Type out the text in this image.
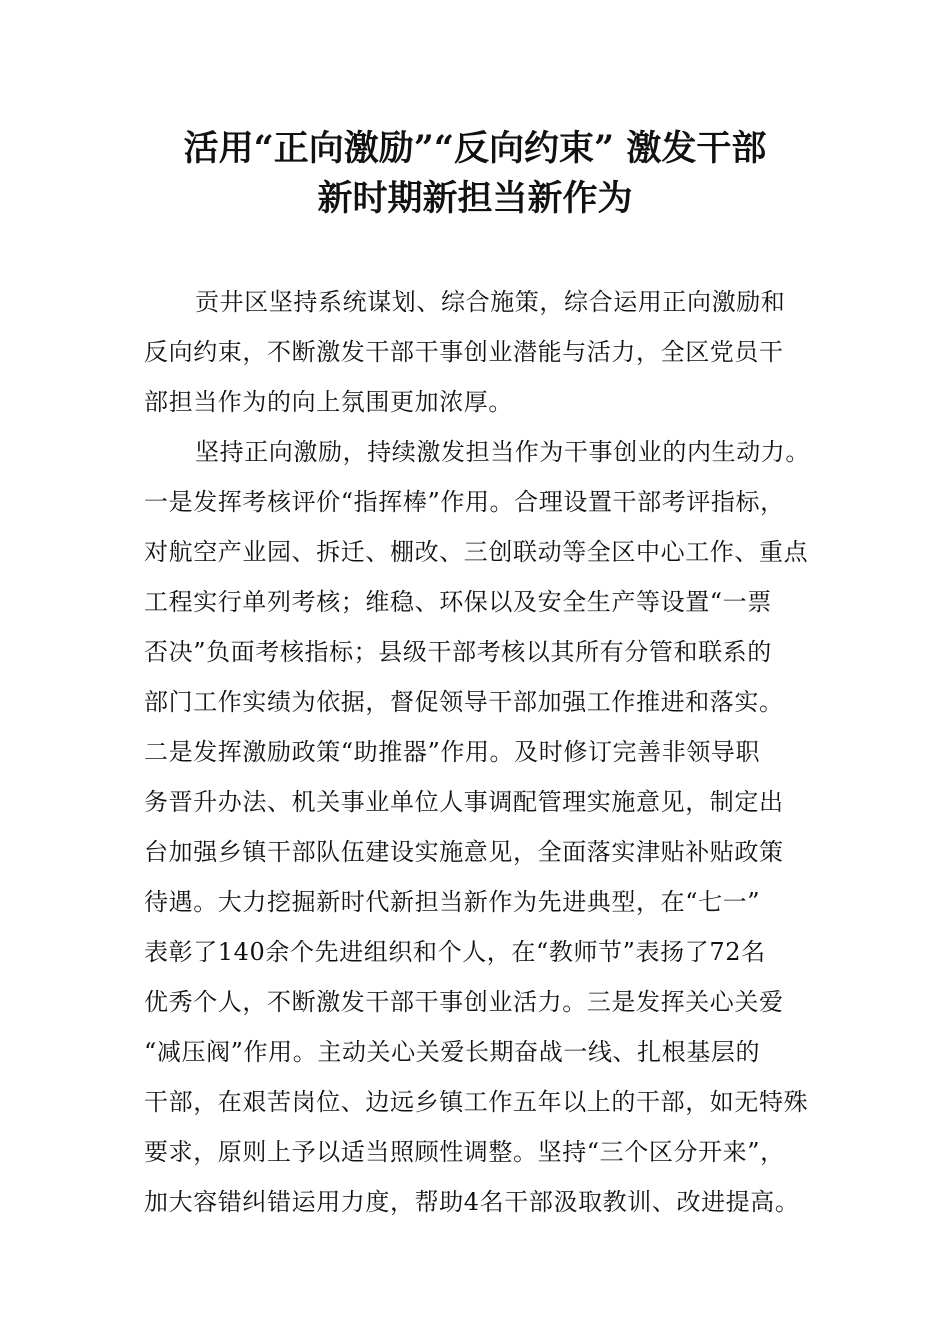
活用“正向激励”“反向约束” 激发干部
新时期新担当新作为
贡井区坚持系统谋划、综合施策，综合运用正向激励和
反向约束，不断激发干部干事创业潜能与活力，全区党员干
部担当作为的向上氛围更加浓厚。
坚持正向激励，持续激发担当作为干事创业的内生动力。
一是发挥考核评价“指挥棒”作用。合理设置干部考评指标，
对航空产业园、拆迁、棚改、三创联动等全区中心工作、重点
工程实行单列考核；维稳、环保以及安全生产等设置“一票
否决”负面考核指标；县级干部考核以其所有分管和联系的
部门工作实绩为依据，督促领导干部加强工作推进和落实。
二是发挥激励政策“助推器”作用。及时修订完善非领导职
务晋升办法、机关事业单位人事调配管理实施意见，制定出
台加强乡镇干部队伍建设实施意见，全面落实津贴补贴政策
待遇。大力挖掘新时代新担当新作为先进典型，在“七一”
表彰了140余个先进组织和个人，在“教师节”表扬了72名
优秀个人，不断激发干部干事创业活力。三是发挥关心关爱
“减压阀”作用。主动关心关爱长期奋战一线、扎根基层的
干部，在艰苦岗位、边远乡镇工作五年以上的干部，如无特殊
要求，原则上予以适当照顾性调整。坚持“三个区分开来”，
加大容错纠错运用力度，帮助4名干部汲取教训、改进提高。
